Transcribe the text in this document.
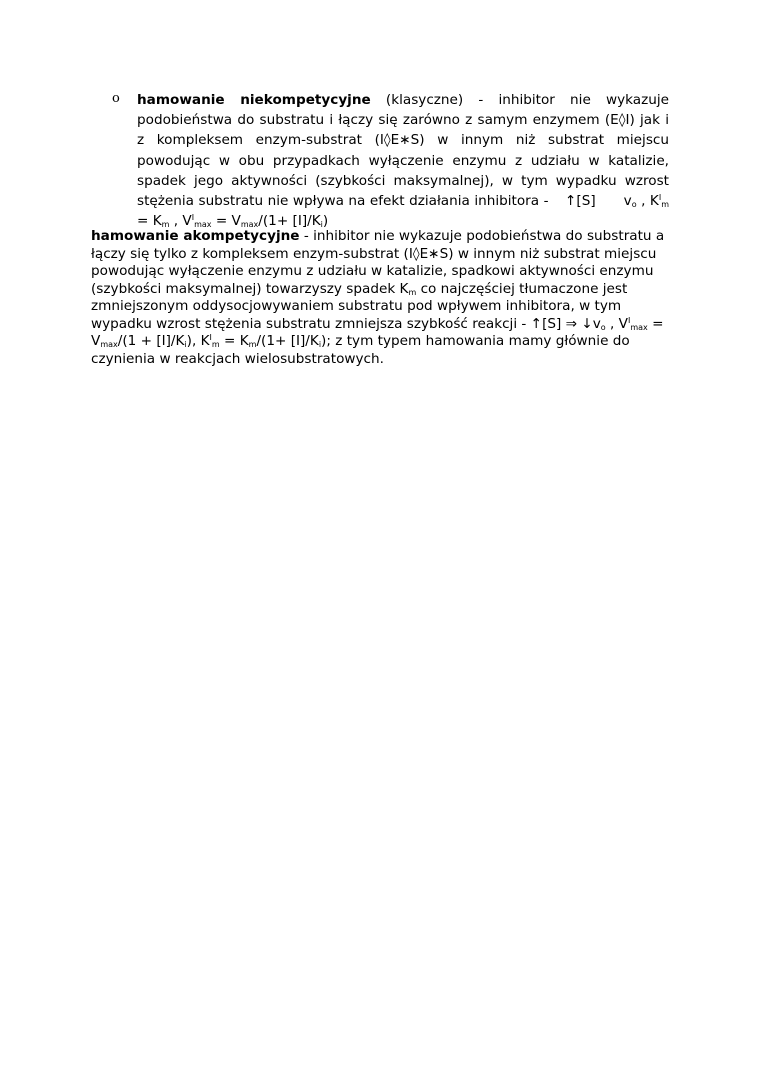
o hamowanie niekompetycyjne (klasyczne) - inhibitor nie wykazuje podobieństwa do substratu i łączy się zarówno z samym enzymem (E◊I) jak i z kompleksem enzym-substrat (I◊E∗S) w innym niż substrat miejscu powodując w obu przypadkach wyłączenie enzymu z udziału w katalizie, spadek jego aktywności (szybkości maksymalnej), w tym wypadku wzrost stężenia substratu nie wpływa na efekt działania inhibitora - ↑[S] $v_o$ , $K^I_m = K_m$ , $V^I_{max} = V_{max}/(1+ [I]/K_i)$
hamowanie akompetycyjne - inhibitor nie wykazuje podobieństwa do substratu a łączy się tylko z kompleksem enzym-substrat (I◊E∗S) w innym niż substrat miejscu powodując wyłączenie enzymu z udziału w katalizie, spadkowi aktywności enzymu (szybkości maksymalnej) towarzyszy spadek $K_m$ co najczęściej tłumaczone jest zmniejszonym oddysocjowywaniem substratu pod wpływem inhibitora, w tym wypadku wzrost stężenia substratu zmniejsza szybkość reakcji - ↑[S] ⇒ $↓v_o$ , $V^I_{max} = V_{max}/(1 + [I]/K_i)$, $K^I_m = K_m/(1+ [I]/K_i)$; z tym typem hamowania mamy głównie do czynienia w reakcjach wielosubstratowych.
